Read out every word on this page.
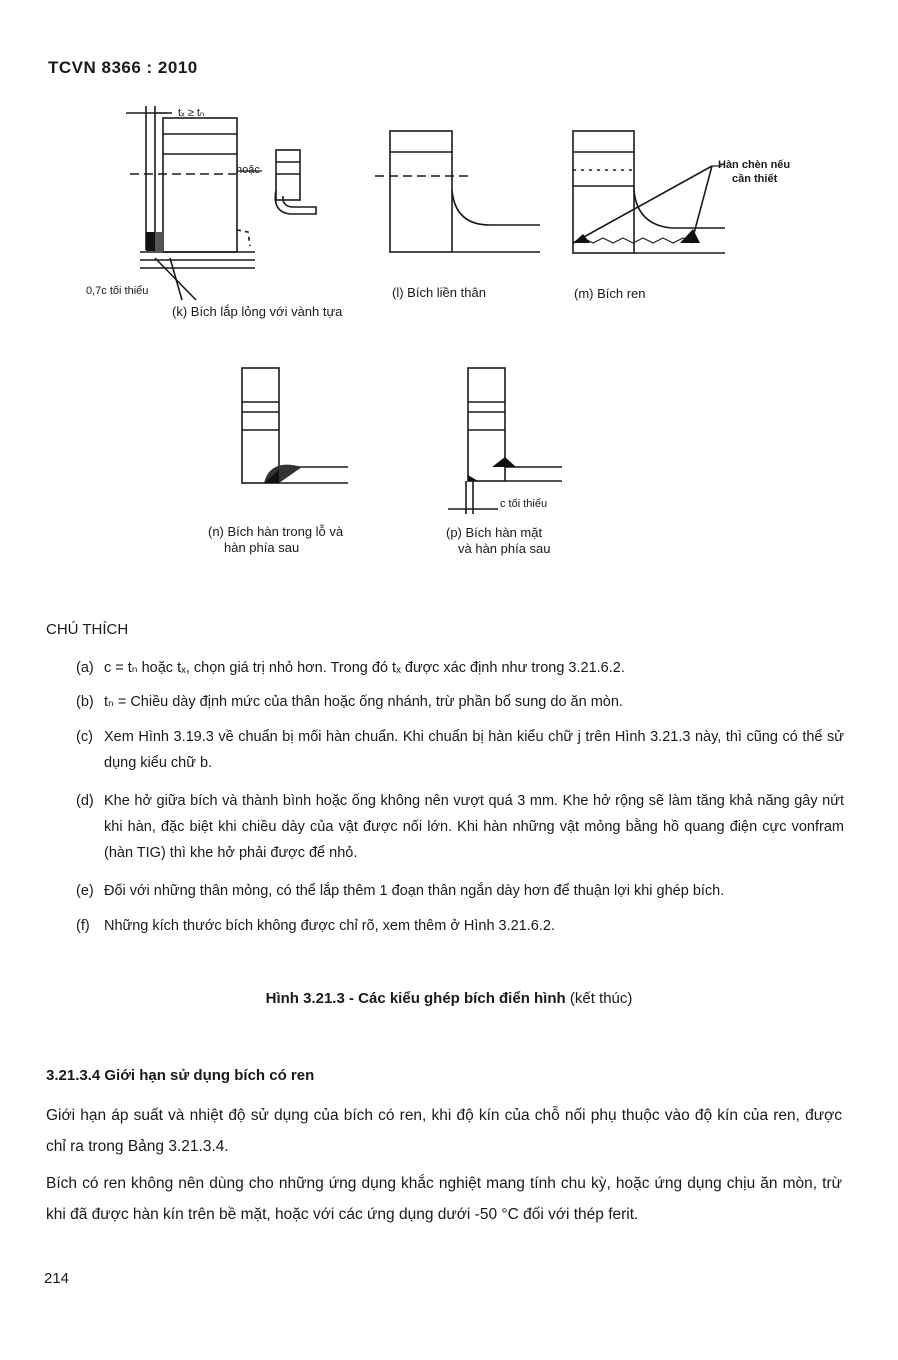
TCVN 8366 : 2010
tₓ ≥ tₙ
hoặc
0,7c tối thiểu
Hàn chèn nếu
cần thiết
c tối thiểu
(k) Bích lắp lỏng với vành tựa
(l) Bích liền thân	(m) Bích ren
(n) Bích hàn trong lỗ và
hàn phía sau
(p) Bích hàn mặt
và hàn phía sau
CHÚ THÍCH
(a) c = tₙ hoặc tₓ, chọn giá trị nhỏ hơn. Trong đó tₓ được xác định như trong 3.21.6.2.
(b) tₙ = Chiều dày định mức của thân hoặc ống nhánh, trừ phần bổ sung do ăn mòn.
(c) Xem Hình 3.19.3 về chuẩn bị mối hàn chuẩn. Khi chuẩn bị hàn kiểu chữ j trên Hình 3.21.3 này, thì cũng có thể sử dụng kiểu chữ b.
(d) Khe hở giữa bích và thành bình hoặc ống không nên vượt quá 3 mm. Khe hở rộng sẽ làm tăng khả năng gây nứt khi hàn, đặc biệt khi chiều dày của vật được nối lớn. Khi hàn những vật mỏng bằng hồ quang điện cực vonfram (hàn TIG) thì khe hở phải được để nhỏ.
(e) Đối với những thân mỏng, có thể lắp thêm 1 đoạn thân ngắn dày hơn để thuận lợi khi ghép bích.
(f) Những kích thước bích không được chỉ rõ, xem thêm ở Hình 3.21.6.2.
Hình 3.21.3 - Các kiểu ghép bích điển hình (kết thúc)
3.21.3.4 Giới hạn sử dụng bích có ren
Giới hạn áp suất và nhiệt độ sử dụng của bích có ren, khi độ kín của chỗ nối phụ thuộc vào độ kín của ren, được chỉ ra trong Bảng 3.21.3.4.
Bích có ren không nên dùng cho những ứng dụng khắc nghiệt mang tính chu kỳ, hoặc ứng dụng chịu ăn mòn, trừ khi đã được hàn kín trên bề mặt, hoặc với các ứng dụng dưới -50 °C đối với thép ferit.
214
